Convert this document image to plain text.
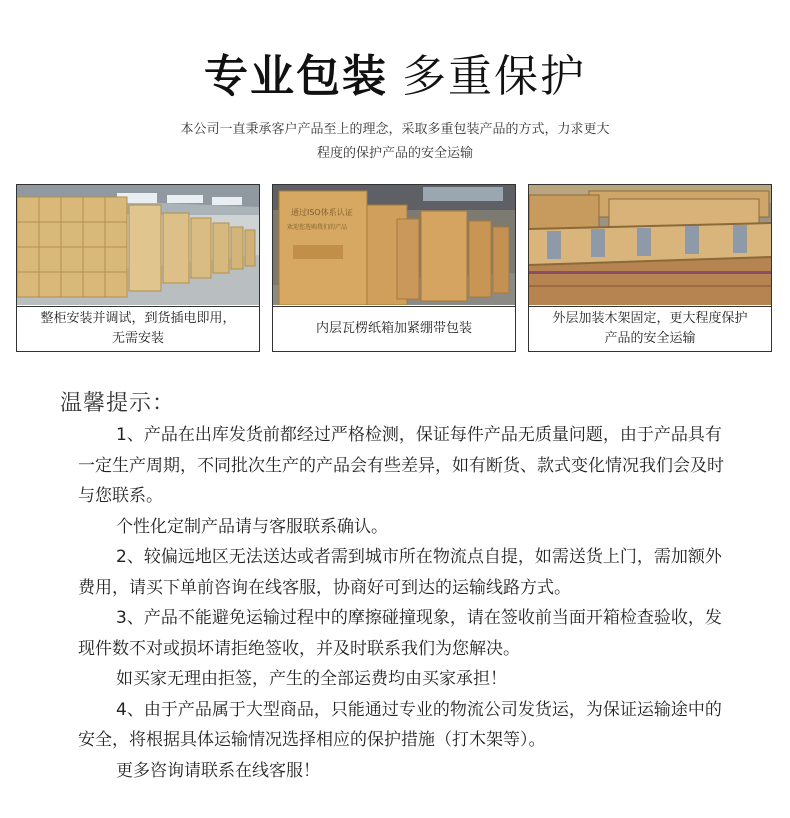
专业包装 多重保护
本公司一直秉承客户产品至上的理念，采取多重包装产品的方式，力求更大
程度的保护产品的安全运输
整柜安装并调试，到货插电即用，无需安装
通过ISO体系认证
欢迎您选购我们的产品
内层瓦楞纸箱加紧绷带包装
外层加装木架固定，更大程度保护产品的安全运输
温馨提示：

1、产品在出库发货前都经过严格检测，保证每件产品无质量问题，由于产品具有一定生产周期，不同批次生产的产品会有些差异，如有断货、款式变化情况我们会及时与您联系。

个性化定制产品请与客服联系确认。

2、较偏远地区无法送达或者需到城市所在物流点自提，如需送货上门，需加额外费用，请买下单前咨询在线客服，协商好可到达的运输线路方式。

3、产品不能避免运输过程中的摩擦碰撞现象，请在签收前当面开箱检查验收，发现件数不对或损坏请拒绝签收，并及时联系我们为您解决。

如买家无理由拒签，产生的全部运费均由买家承担！

4、由于产品属于大型商品，只能通过专业的物流公司发货运，为保证运输途中的安全，将根据具体运输情况选择相应的保护措施（打木架等）。

更多咨询请联系在线客服！
